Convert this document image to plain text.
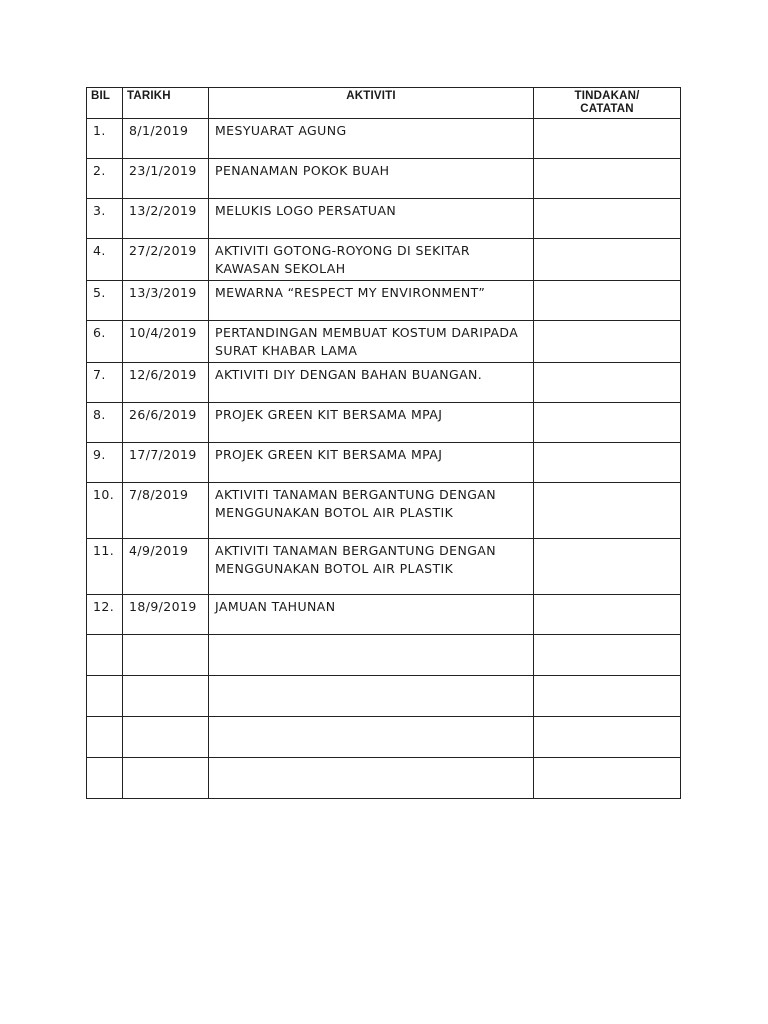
BIL	TARIKH	AKTIVITI	TINDAKAN/
CATATAN
1.	8/1/2019	MESYUARAT AGUNG	
2.	23/1/2019	PENANAMAN POKOK BUAH	
3.	13/2/2019	MELUKIS LOGO PERSATUAN	
4.	27/2/2019	AKTIVITI GOTONG-ROYONG DI SEKITAR KAWASAN SEKOLAH	
5.	13/3/2019	MEWARNA “RESPECT MY ENVIRONMENT”	
6.	10/4/2019	PERTANDINGAN MEMBUAT KOSTUM DARIPADA SURAT KHABAR LAMA	
7.	12/6/2019	AKTIVITI DIY DENGAN BAHAN BUANGAN.	
8.	26/6/2019	PROJEK GREEN KIT BERSAMA MPAJ	
9.	17/7/2019	PROJEK GREEN KIT BERSAMA MPAJ	
10.	7/8/2019	AKTIVITI TANAMAN BERGANTUNG DENGAN MENGGUNAKAN BOTOL AIR PLASTIK	
11.	4/9/2019	AKTIVITI TANAMAN BERGANTUNG DENGAN MENGGUNAKAN BOTOL AIR PLASTIK	
12.	18/9/2019	JAMUAN TAHUNAN	
